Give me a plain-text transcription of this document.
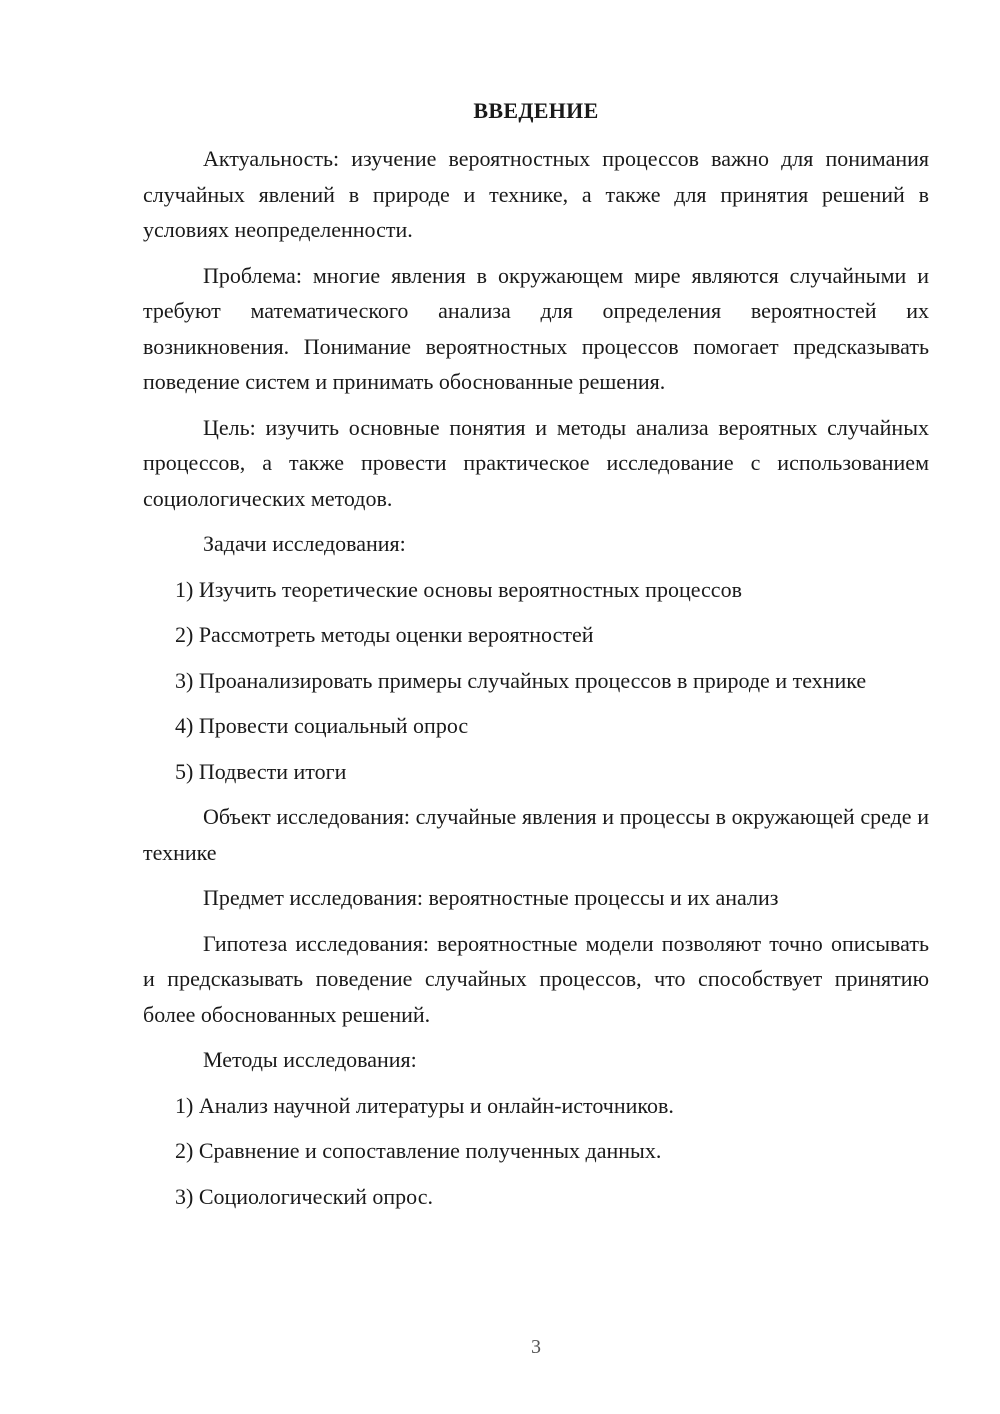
ВВЕДЕНИЕ

Актуальность: изучение вероятностных процессов важно для понимания случайных явлений в природе и технике, а также для принятия решений в условиях неопределенности.

Проблема: многие явления в окружающем мире являются случайными и требуют математического анализа для определения вероятностей их возникновения. Понимание вероятностных процессов помогает предсказывать поведение систем и принимать обоснованные решения.

Цель: изучить основные понятия и методы анализа вероятных случайных процессов, а также провести практическое исследование с использованием социологических методов.

Задачи исследования:

1) Изучить теоретические основы вероятностных процессов

2) Рассмотреть методы оценки вероятностей

3) Проанализировать примеры случайных процессов в природе и технике

4) Провести социальный опрос

5) Подвести итоги

Объект исследования: случайные явления и процессы в окружающей среде и технике

Предмет исследования: вероятностные процессы и их анализ

Гипотеза исследования: вероятностные модели позволяют точно описывать и предсказывать поведение случайных процессов, что способствует принятию более обоснованных решений.

Методы исследования:

1) Анализ научной литературы и онлайн-источников.

2) Сравнение и сопоставление полученных данных.

3) Социологический опрос.

3
